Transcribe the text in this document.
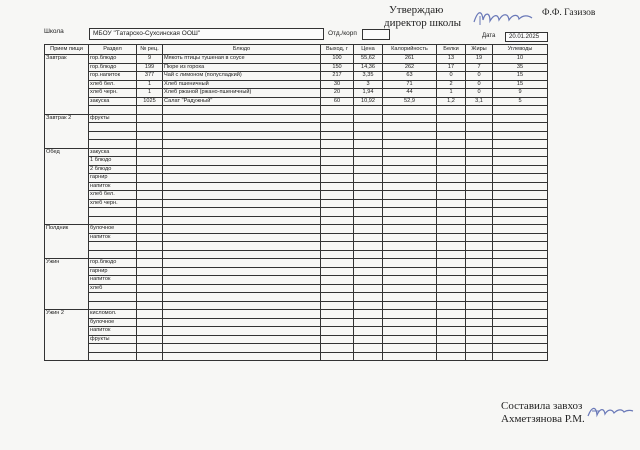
Утверждаю
директор школы
Ф.Ф. Газизов
Школа	МБОУ "Татарско-Сухсинская ООШ"	Отд./корп	Дата	20.01.2025
Прием пищи	Раздел	№ рец.	Блюдо	Выход, г	Цена	Калорийность	Белки	Жиры	Углеводы
Завтрак	гор.блюдо	9	Мякоть птицы тушеная в соусе	100	55,62	261	13	19	10
	гор.блюдо	199	Пюре из гороха	150	14,36	262	17	7	35
	гор.напиток	377	Чай с лимоном (полусладкий)	217	3,35	63	0	0	15
	хлеб бел.	1	Хлеб пшеничный	30	3	71	2	0	15
	хлеб черн.	1	Хлеб ржаной (ржано-пшеничный)	20	1,94	44	1	0	9
	закуска	1025	Салат "Радужный"	60	10,92	52,9	1,2	3,1	5

Завтрак 2	фрукты								

Обед	закуска								
	1 блюдо								
	2 блюдо								
	гарнир								
	напиток								
	хлеб бел.								
	хлеб черн.								

Полдник	булочное								
	напиток								

Ужин	гор.блюдо								
	гарнир								
	напиток								
	хлеб								

Ужин 2	кисломол.								
	булочное								
	напиток								
	фрукты								

Составила завхоз
Ахметзянова Р.М.
